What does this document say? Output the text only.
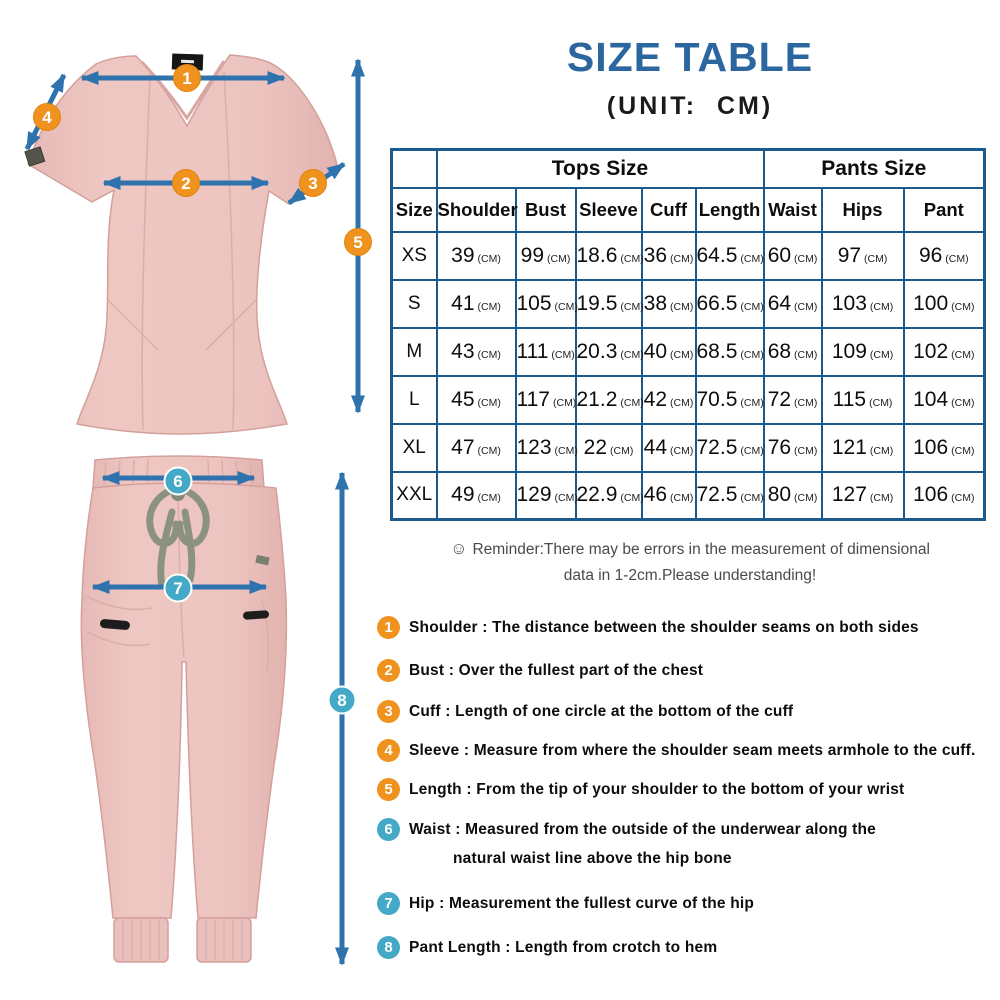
1
2	3
4
5
6
7
8
SIZE TABLE
(UNIT: CM)
	Tops Size					Pants Size		
Size	Shoulder	Bust	Sleeve	Cuff	Length	Waist	Hips	Pant
XS	39 (CM)	99 (CM)	18.6 (CM)	36 (CM)	64.5 (CM)	60 (CM)	97 (CM)	96 (CM)
S	41 (CM)	105 (CM)	19.5 (CM)	38 (CM)	66.5 (CM)	64 (CM)	103 (CM)	100 (CM)
M	43 (CM)	111 (CM)	20.3 (CM)	40 (CM)	68.5 (CM)	68 (CM)	109 (CM)	102 (CM)
L	45 (CM)	117 (CM)	21.2 (CM)	42 (CM)	70.5 (CM)	72 (CM)	115 (CM)	104 (CM)
XL	47 (CM)	123 (CM)	22 (CM)	44 (CM)	72.5 (CM)	76 (CM)	121 (CM)	106 (CM)
XXL	49 (CM)	129 (CM)	22.9 (CM)	46 (CM)	72.5 (CM)	80 (CM)	127 (CM)	106 (CM)
☺ Reminder:There may be errors in the measurement of dimensional
data in 1-2cm.Please understanding!
1	Shoulder : The distance between the shoulder seams on both sides
2	Bust : Over the fullest part of the chest
3	Cuff : Length of one circle at the bottom of the cuff
4	Sleeve : Measure from where the shoulder seam meets armhole to the cuff.
5	Length : From the tip of your shoulder to the bottom of your wrist
6	Waist : Measured from the outside of the underwear along the
natural waist line above the hip bone
7	Hip : Measurement the fullest curve of the hip
8	Pant Length : Length from crotch to hem
